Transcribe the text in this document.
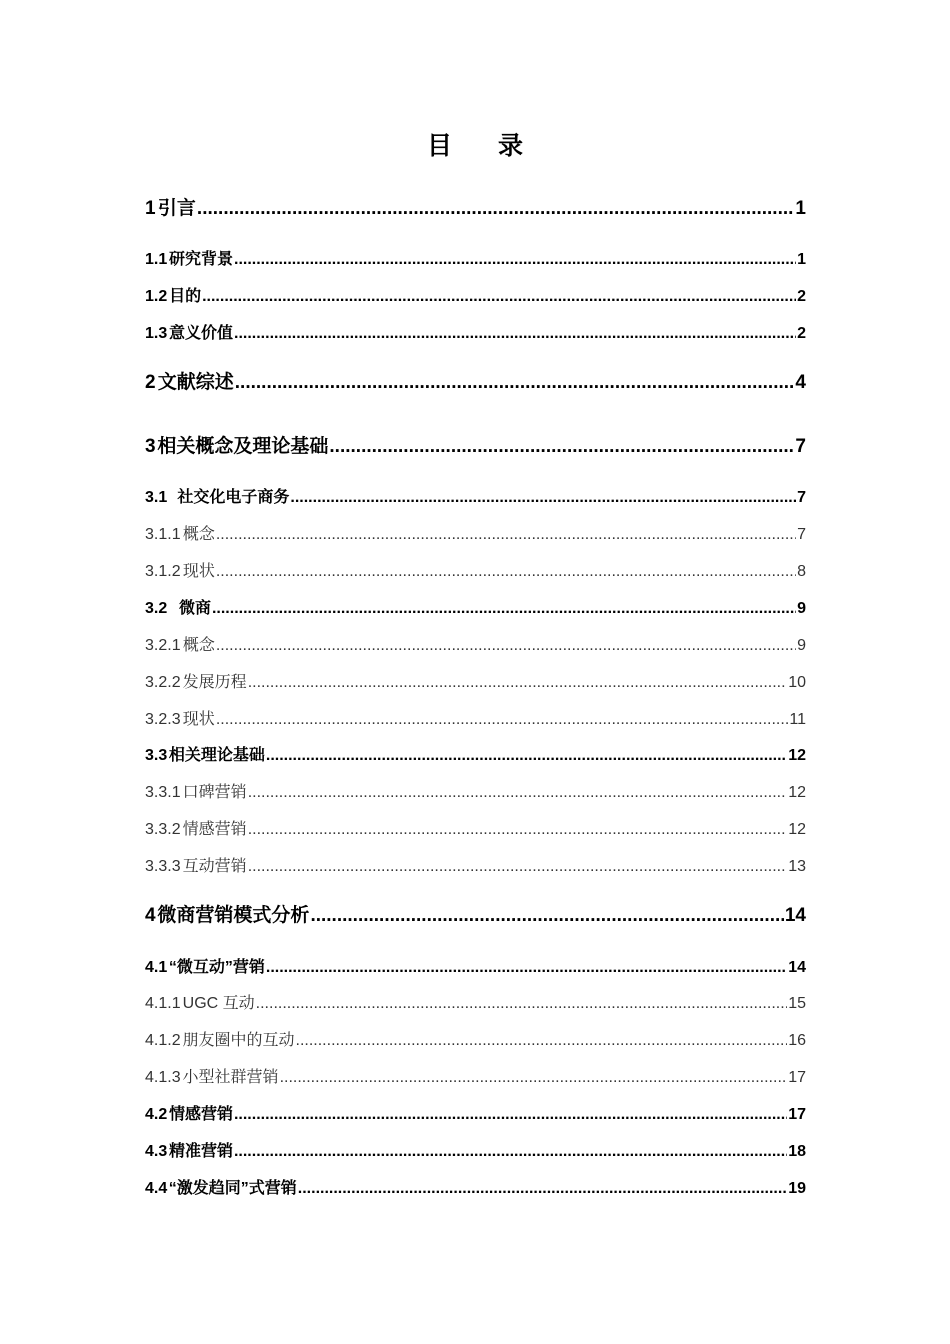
目 录
1 引言 .....	1
1.1 研究背景 .....	1
1.2 目的 .....	2
1.3 意义价值 .....	2
2 文献综述 .....	4
3 相关概念及理论基础 .....	7
3.1 社交化电子商务 .....	7
3.1.1 概念 .....	7
3.1.2 现状 .....	8
3.2 微商 .....	9
3.2.1 概念 .....	9
3.2.2 发展历程 .....	10
3.2.3 现状 .....	11
3.3 相关理论基础 .....	12
3.3.1 口碑营销 .....	12
3.3.2 情感营销 .....	12
3.3.3 互动营销 .....	13
4 微商营销模式分析 .....	14
4.1 “微互动”营销 .....	14
4.1.1 UGC 互动 .....	15
4.1.2 朋友圈中的互动 .....	16
4.1.3 小型社群营销 .....	17
4.2 情感营销 .....	17
4.3 精准营销 .....	18
4.4 “激发趋同”式营销 .....	19
